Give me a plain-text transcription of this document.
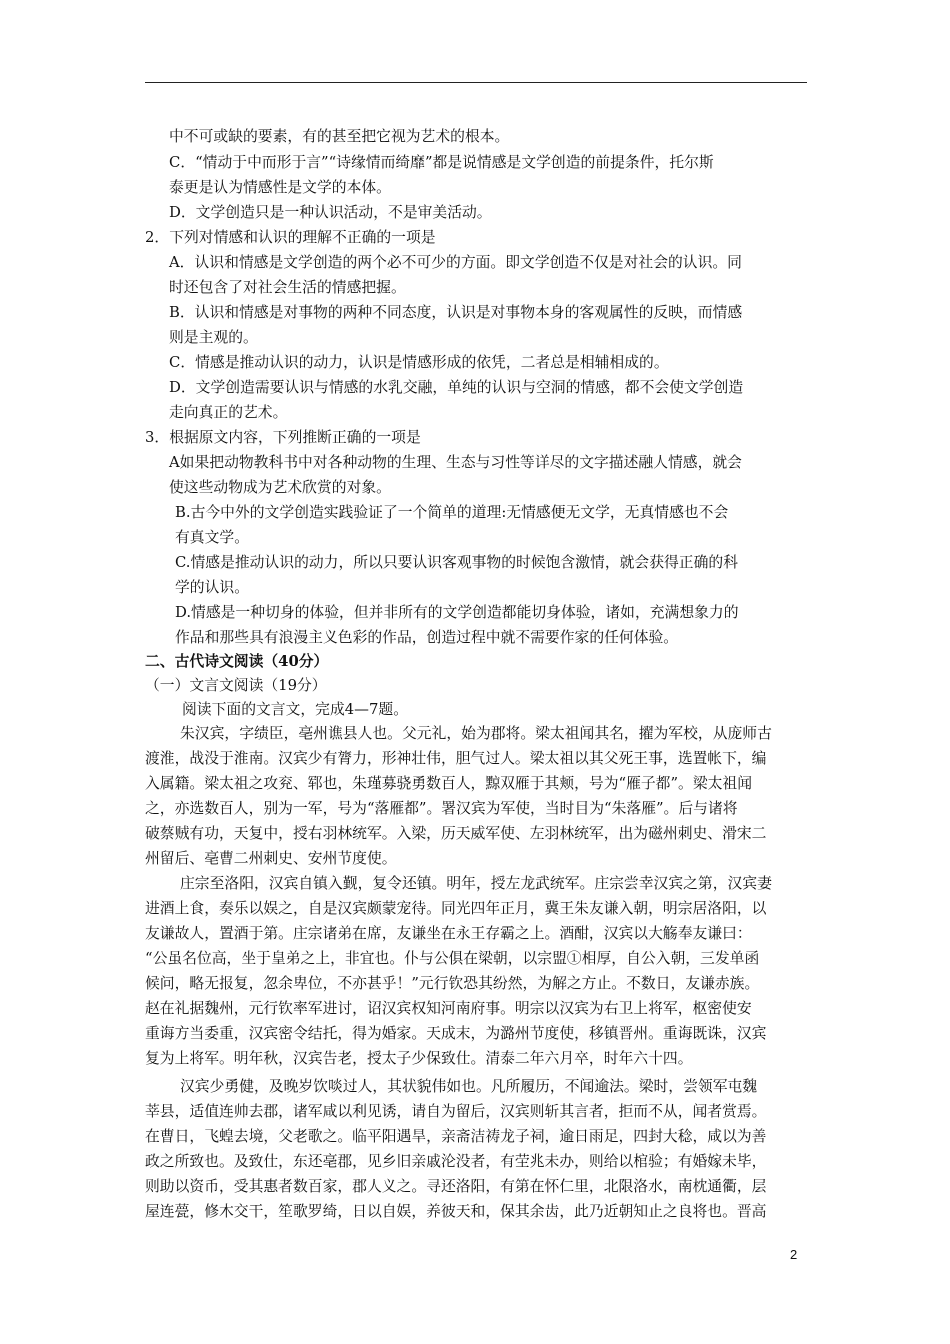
中不可或缺的要素，有的甚至把它视为艺术的根本。
C．“情动于中而形于言”“诗缘情而绮靡”都是说情感是文学创造的前提条件，托尔斯
泰更是认为情感性是文学的本体。
D．文学创造只是一种认识活动，不是审美活动。
2．下列对情感和认识的理解不正确的一项是
A．认识和情感是文学创造的两个必不可少的方面。即文学创造不仅是对社会的认识。同
时还包含了对社会生活的情感把握。
B．认识和情感是对事物的两种不同态度，认识是对事物本身的客观属性的反映，而情感
则是主观的。
C．情感是推动认识的动力，认识是情感形成的依凭，二者总是相辅相成的。
D．文学创造需要认识与情感的水乳交融，单纯的认识与空洞的情感，都不会使文学创造
走向真正的艺术。
3．根据原文内容，下列推断正确的一项是
A如果把动物教科书中对各种动物的生理、生态与习性等详尽的文字描述融人情感，就会
使这些动物成为艺术欣赏的对象。
B.古今中外的文学创造实践验证了一个简单的道理:无情感便无文学，无真情感也不会
有真文学。
C.情感是推动认识的动力，所以只要认识客观事物的时候饱含激情，就会获得正确的科
学的认识。
D.情感是一种切身的体验，但并非所有的文学创造都能切身体验，诸如，充满想象力的
作品和那些具有浪漫主义色彩的作品，创造过程中就不需要作家的任何体验。
二、古代诗文阅读（40分）
（一）文言文阅读（19分）
阅读下面的文言文，完成4—7题。
朱汉宾，字绩臣，亳州谯县人也。父元礼，始为郡将。梁太祖闻其名，擢为军校，从庞师古
渡淮，战没于淮南。汉宾少有膂力，形神壮伟，胆气过人。梁太祖以其父死王事，选置帐下，编
入属籍。梁太祖之攻兖、郓也，朱瑾募骁勇数百人，黥双雁于其颊，号为“雁子都”。梁太祖闻
之，亦选数百人，别为一军，号为“落雁都”。署汉宾为军使，当时目为“朱落雁”。后与诸将
破蔡贼有功，天复中，授右羽林统军。入梁，历天威军使、左羽林统军，出为磁州刺史、滑宋二
州留后、亳曹二州刺史、安州节度使。
庄宗至洛阳，汉宾自镇入觐，复令还镇。明年，授左龙武统军。庄宗尝幸汉宾之第，汉宾妻
进酒上食，奏乐以娱之，自是汉宾颇蒙宠待。同光四年正月，冀王朱友谦入朝，明宗居洛阳，以
友谦故人，置酒于第。庄宗诸弟在席，友谦坐在永王存霸之上。酒酣，汉宾以大觞奉友谦曰：
“公虽名位高，坐于皇弟之上，非宜也。仆与公俱在梁朝，以宗盟①相厚，自公入朝，三发单函
候问，略无报复，忽余卑位，不亦甚乎！”元行钦恐其纷然，为解之方止。不数日，友谦赤族。
赵在礼据魏州，元行钦率军进讨，诏汉宾权知河南府事。明宗以汉宾为右卫上将军，枢密使安
重诲方当委重，汉宾密令结托，得为婚家。天成末，为潞州节度使，移镇晋州。重诲既诛，汉宾
复为上将军。明年秋，汉宾告老，授太子少保致仕。清泰二年六月卒，时年六十四。
汉宾少勇健，及晚岁饮啖过人，其状貌伟如也。凡所履历，不闻逾法。梁时，尝领军屯魏
莘县，适值连帅去郡，诸军咸以利见诱，请自为留后，汉宾则斩其言者，拒而不从，闻者赏焉。
在曹日，飞蝗去境，父老歌之。临平阳遇旱，亲斋洁祷龙子祠，逾日雨足，四封大稔，咸以为善
政之所致也。及致仕，东还亳郡，见乡旧亲戚沦没者，有茔兆未办，则给以棺验；有婚嫁未毕，
则助以资币，受其惠者数百家，郡人义之。寻还洛阳，有第在怀仁里，北限洛水，南枕通衢，层
屋连甍，修木交干，笙歌罗绮，日以自娱，养彼天和，保其余齿，此乃近朝知止之良将也。晋高
2
